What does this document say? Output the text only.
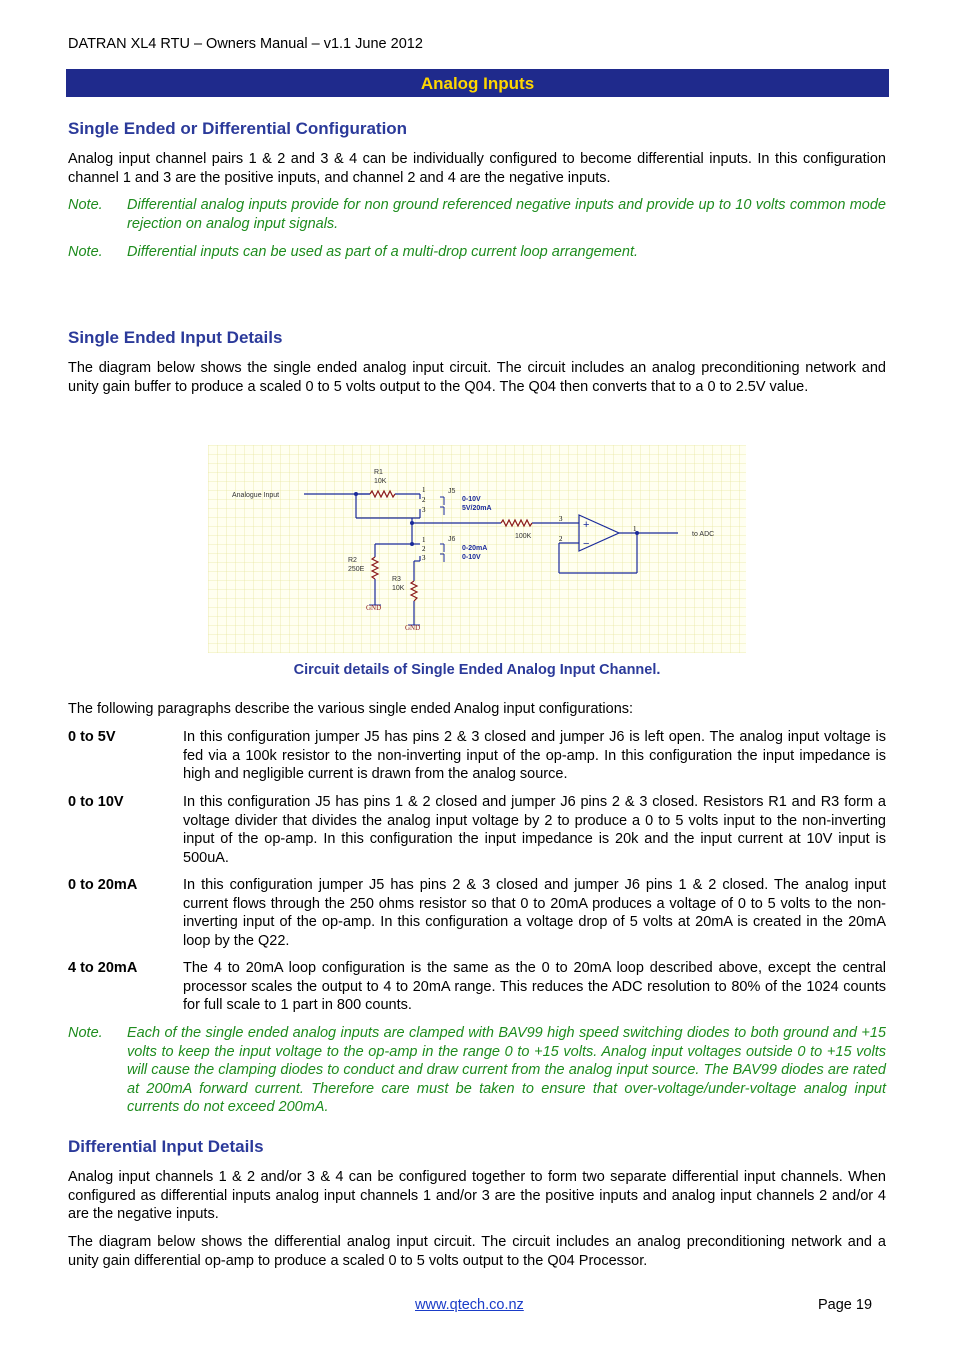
DATRAN XL4 RTU – Owners Manual – v1.1 June 2012
Analog Inputs
Single Ended or Differential Configuration
Analog input channel pairs 1 & 2 and 3 & 4 can be individually configured to become differential inputs. In this configuration channel 1 and 3 are the positive inputs, and channel 2 and 4 are the negative inputs.
Note. Differential analog inputs provide for non ground referenced negative inputs and provide up to 10 volts common mode rejection on analog input signals.
Note. Differential inputs can be used as part of a multi-drop current loop arrangement.
Single Ended Input Details
The diagram below shows the single ended analog input circuit. The circuit includes an analog preconditioning network and unity gain buffer to produce a scaled 0 to 5 volts output to the Q04. The Q04 then converts that to a 0 to 2.5V value.
+
−
Analogue Input
R1
10K
J5
J6	100K
R2
250E
R3
10K
to ADC
0-10V
5V/20mA
0-20mA
0-10V
1
2
3
1
2
3
3
2
1
GND
GND
Circuit details of Single Ended Analog Input Channel.
The following paragraphs describe the various single ended Analog input configurations:
0 to 5V	In this configuration jumper J5 has pins 2 & 3 closed and jumper J6 is left open. The analog input voltage is fed via a 100k resistor to the non-inverting input of the op-amp. In this configuration the input impedance is high and negligible current is drawn from the analog source.
0 to 10V	In this configuration J5 has pins 1 & 2 closed and jumper J6 pins 2 & 3 closed. Resistors R1 and R3 form a voltage divider that divides the analog input voltage by 2 to produce a 0 to 5 volts input to the non-inverting input of the op-amp. In this configuration the input impedance is 20k and the input current at 10V input is 500uA.
0 to 20mA	In this configuration jumper J5 has pins 2 & 3 closed and jumper J6 pins 1 & 2 closed. The analog input current flows through the 250 ohms resistor so that 0 to 20mA produces a voltage of 0 to 5 volts to the non-inverting input of the op-amp. In this configuration a voltage drop of 5 volts at 20mA is created in the 20mA loop by the Q22.
4 to 20mA	The 4 to 20mA loop configuration is the same as the 0 to 20mA loop described above, except the central processor scales the output to 4 to 20mA range. This reduces the ADC resolution to 80% of the 1024 counts for full scale to 1 part in 800 counts.
Note. Each of the single ended analog inputs are clamped with BAV99 high speed switching diodes to both ground and +15 volts to keep the input voltage to the op-amp in the range 0 to +15 volts. Analog input voltages outside 0 to +15 volts will cause the clamping diodes to conduct and draw current from the analog input source. The BAV99 diodes are rated at 200mA forward current. Therefore care must be taken to ensure that over-voltage/under-voltage analog input currents do not exceed 200mA.
Differential Input Details
Analog input channels 1 & 2 and/or 3 & 4 can be configured together to form two separate differential input channels. When configured as differential inputs analog input channels 1 and/or 3 are the positive inputs and analog input channels 2 and/or 4 are the negative inputs.
The diagram below shows the differential analog input circuit. The circuit includes an analog preconditioning network and a unity gain differential op-amp to produce a scaled 0 to 5 volts output to the Q04 Processor.
www.qtech.co.nz	Page 19
